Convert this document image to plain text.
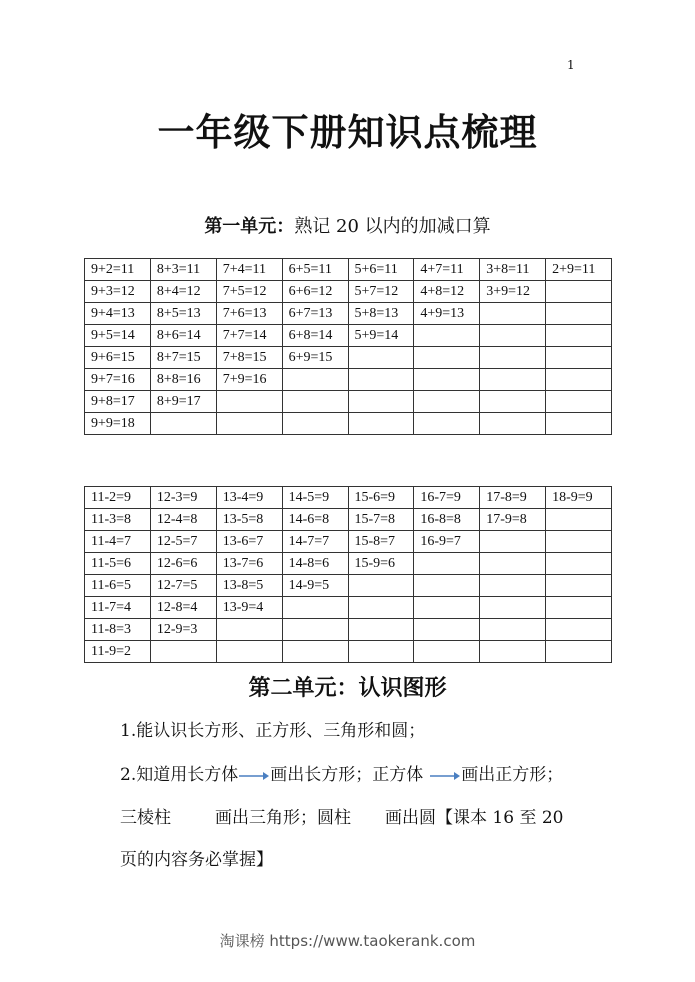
1
一年级下册知识点梳理
第一单元：熟记 20 以内的加减口算
9+2=11	8+3=11	7+4=11	6+5=11	5+6=11	4+7=11	3+8=11	2+9=11
9+3=12	8+4=12	7+5=12	6+6=12	5+7=12	4+8=12	3+9=12	
9+4=13	8+5=13	7+6=13	6+7=13	5+8=13	4+9=13		
9+5=14	8+6=14	7+7=14	6+8=14	5+9=14			
9+6=15	8+7=15	7+8=15	6+9=15				
9+7=16	8+8=16	7+9=16					
9+8=17	8+9=17						
9+9=18							
11-2=9	12-3=9	13-4=9	14-5=9	15-6=9	16-7=9	17-8=9	18-9=9
11-3=8	12-4=8	13-5=8	14-6=8	15-7=8	16-8=8	17-9=8	
11-4=7	12-5=7	13-6=7	14-7=7	15-8=7	16-9=7		
11-5=6	12-6=6	13-7=6	14-8=6	15-9=6			
11-6=5	12-7=5	13-8=5	14-9=5				
11-7=4	12-8=4	13-9=4					
11-8=3	12-9=3						
11-9=2							
第二单元：认识图形
1.能认识长方形、正方形、三角形和圆；
2.知道用长方体 画出长方形；正方体 画出正方形；
三棱柱	画出三角形；圆柱 画出圆【课本 16 至 20
页的内容务必掌握】
淘课榜 https://www.taokerank.com
